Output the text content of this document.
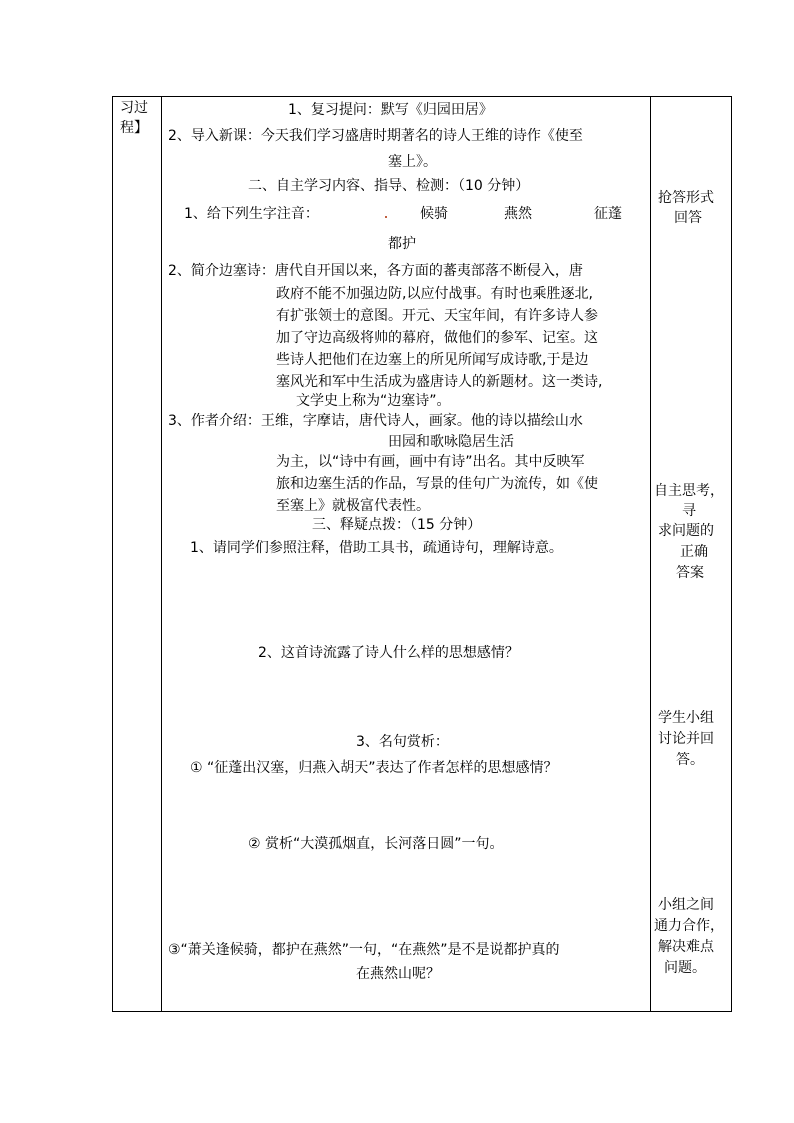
习过
程】
1、复习提问：默写《归园田居》
2、导入新课：今天我们学习盛唐时期著名的诗人王维的诗作《使至
塞上》。
二、自主学习内容、指导、检测：（10 分钟）
1、给下列生字注音：	候骑	燕然	征蓬
都护
2、简介边塞诗：唐代自开国以来，各方面的蕃夷部落不断侵入，唐
政府不能不加强边防,以应付战事。有时也乘胜逐北,
有扩张领士的意图。开元、天宝年间，有许多诗人参
加了守边高级将帅的幕府，做他们的参军、记室。这
些诗人把他们在边塞上的所见所闻写成诗歌,于是边
塞风光和军中生活成为盛唐诗人的新题材。这一类诗,
文学史上称为“边塞诗”。
3、作者介绍：王维，字摩诘，唐代诗人，画家。他的诗以描绘山水
田园和歌咏隐居生活
为主，以“诗中有画，画中有诗”出名。其中反映军
旅和边塞生活的作品，写景的佳句广为流传，如《使
至塞上》就极富代表性。
三、释疑点拨：（15 分钟）
1、请同学们参照注释，借助工具书，疏通诗句，理解诗意。
2、这首诗流露了诗人什么样的思想感情？
3、名句赏析：
① “征蓬出汉塞，归燕入胡天”表达了作者怎样的思想感情？
② 赏析“大漠孤烟直，长河落日圆”一句。
③“萧关逢候骑，都护在燕然”一句，“在燕然”是不是说都护真的
在燕然山呢？
抢答形式
回答
自主思考，
寻
求问题的
正确
答案
学生小组
讨论并回
答。
小组之间
通力合作，
解决难点
问题。
